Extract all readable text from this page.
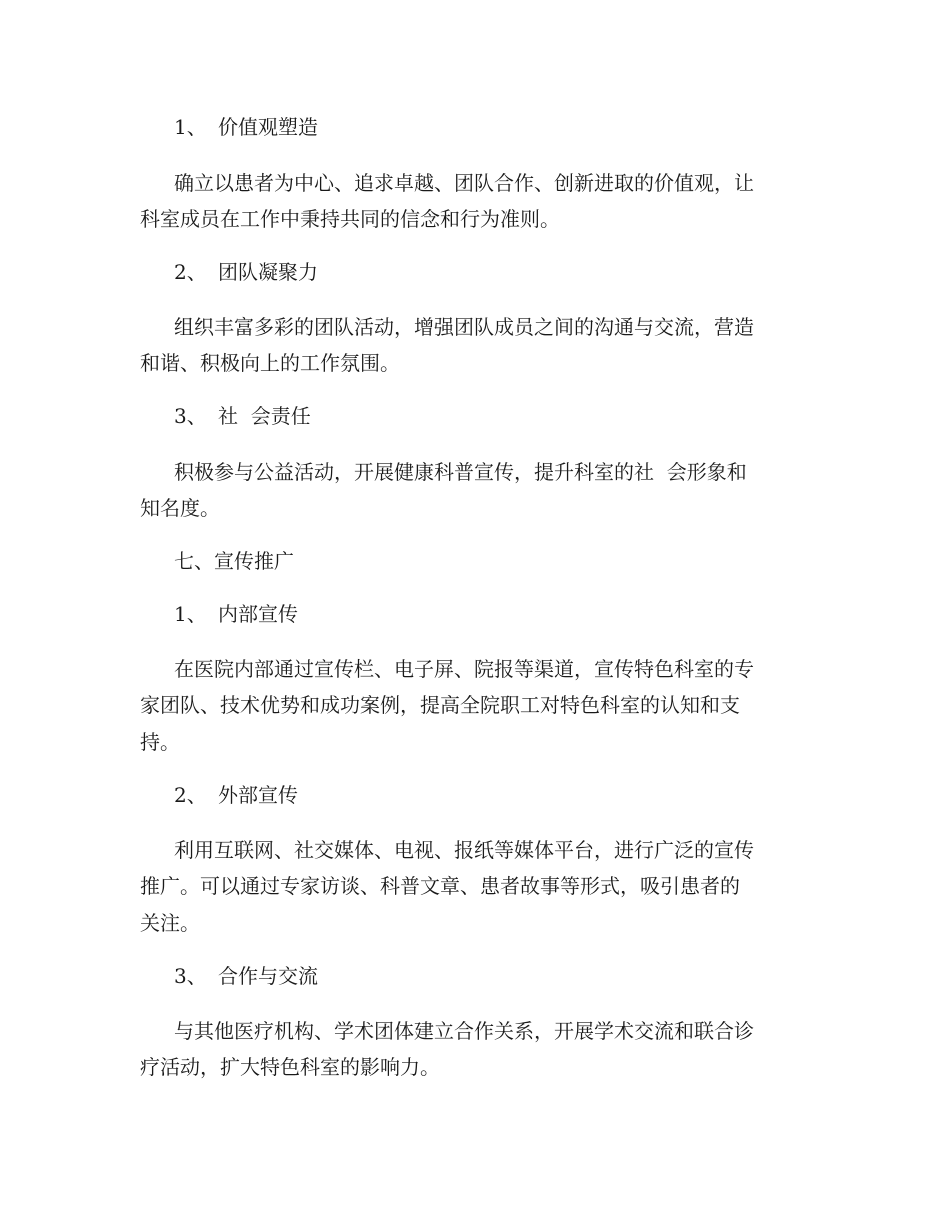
1、 价值观塑造
确立以患者为中心、追求卓越、团队合作、创新进取的价值观，让
科室成员在工作中秉持共同的信念和行为准则。
2、 团队凝聚力
组织丰富多彩的团队活动，增强团队成员之间的沟通与交流，营造
和谐、积极向上的工作氛围。
3、 社  会责任
积极参与公益活动，开展健康科普宣传，提升科室的社  会形象和
知名度。
七、宣传推广
1、 内部宣传
在医院内部通过宣传栏、电子屏、院报等渠道，宣传特色科室的专
家团队、技术优势和成功案例，提高全院职工对特色科室的认知和支
持。
2、 外部宣传
利用互联网、社交媒体、电视、报纸等媒体平台，进行广泛的宣传
推广。可以通过专家访谈、科普文章、患者故事等形式，吸引患者的
关注。
3、 合作与交流
与其他医疗机构、学术团体建立合作关系，开展学术交流和联合诊
疗活动，扩大特色科室的影响力。
